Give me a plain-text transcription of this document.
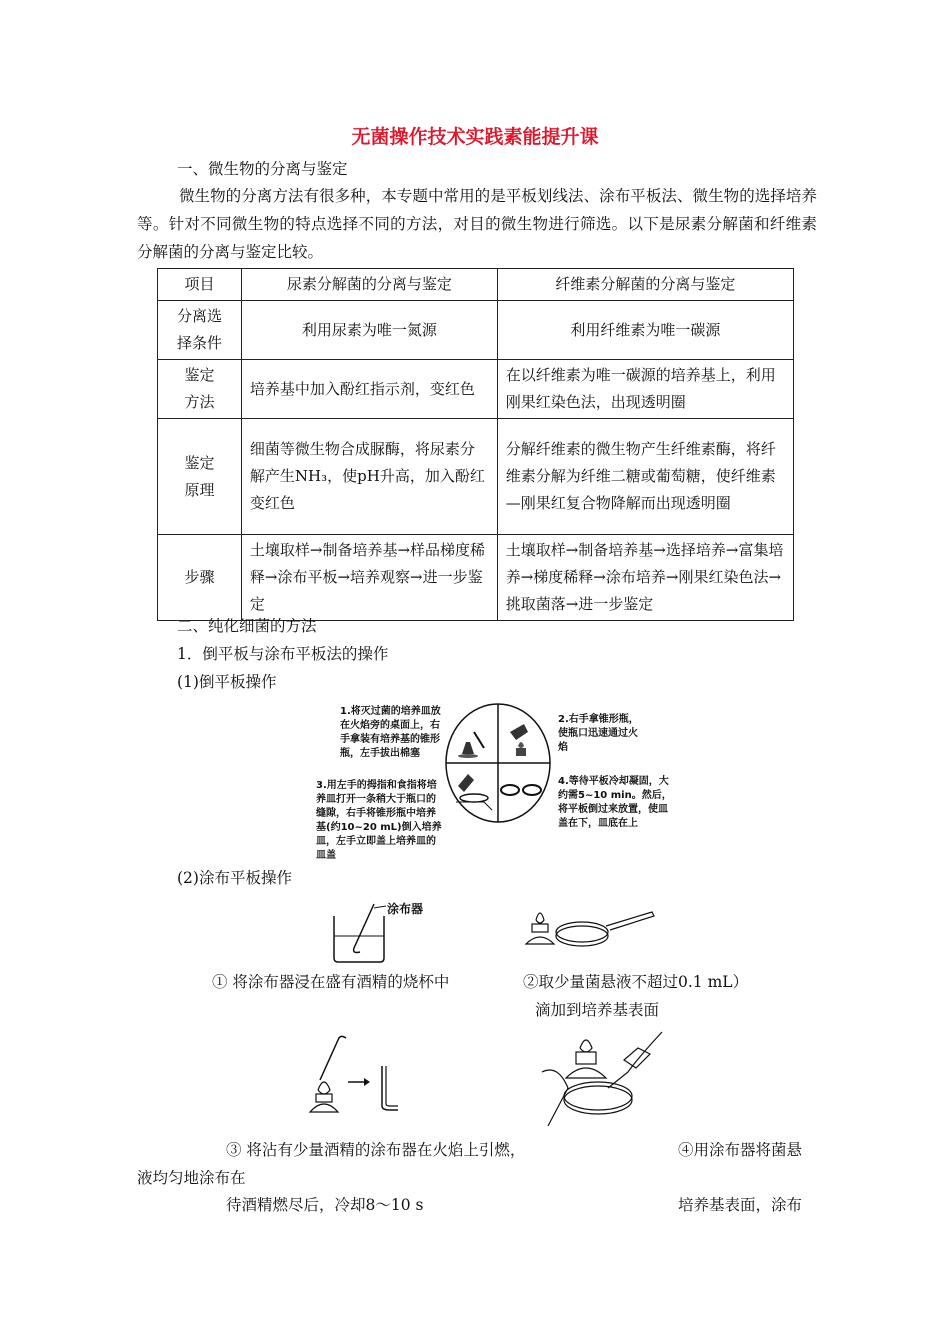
无菌操作技术实践素能提升课
一、微生物的分离与鉴定
微生物的分离方法有很多种，本专题中常用的是平板划线法、涂布平板法、微生物的选择培养等。针对不同微生物的特点选择不同的方法，对目的微生物进行筛选。以下是尿素分解菌和纤维素分解菌的分离与鉴定比较。
项目	尿素分解菌的分离与鉴定	纤维素分解菌的分离与鉴定

分离选择条件	利用尿素为唯一氮源	利用纤维素为唯一碳源

鉴定方法	培养基中加入酚红指示剂，变红色	在以纤维素为唯一碳源的培养基上，利用刚果红染色法，出现透明圈

鉴定原理	细菌等微生物合成脲酶，将尿素分解产生NH₃，使pH升高，加入酚红变红色	分解纤维素的微生物产生纤维素酶，将纤维素分解为纤维二糖或葡萄糖，使纤维素—刚果红复合物降解而出现透明圈
步骤	土壤取样→制备培养基→样品梯度稀释→涂布平板→培养观察→进一步鉴定	土壤取样→制备培养基→选择培养→富集培养→梯度稀释→涂布培养→刚果红染色法→挑取菌落→进一步鉴定
二、纯化细菌的方法
1．倒平板与涂布平板法的操作
(1)倒平板操作
1.将灭过菌的培养皿放在火焰旁的桌面上，右手拿装有培养基的锥形瓶，左手拔出棉塞
2.右手拿锥形瓶，使瓶口迅速通过火焰
3.用左手的拇指和食指将培养皿打开一条稍大于瓶口的缝隙，右手将锥形瓶中培养基(约10~20 mL)倒入培养皿，左手立即盖上培养皿的皿盖
4.等待平板冷却凝固，大约需5~10 min。然后，将平板倒过来放置，使皿盖在下，皿底在上
(2)涂布平板操作
涂布器
① 将涂布器浸在盛有酒精的烧杯中	②取少量菌悬液不超过0.1 mL）
滴加到培养基表面
③ 将沾有少量酒精的涂布器在火焰上引燃，	④用涂布器将菌悬
液均匀地涂布在
待酒精燃尽后，冷却8～10 s	培养基表面，涂布
